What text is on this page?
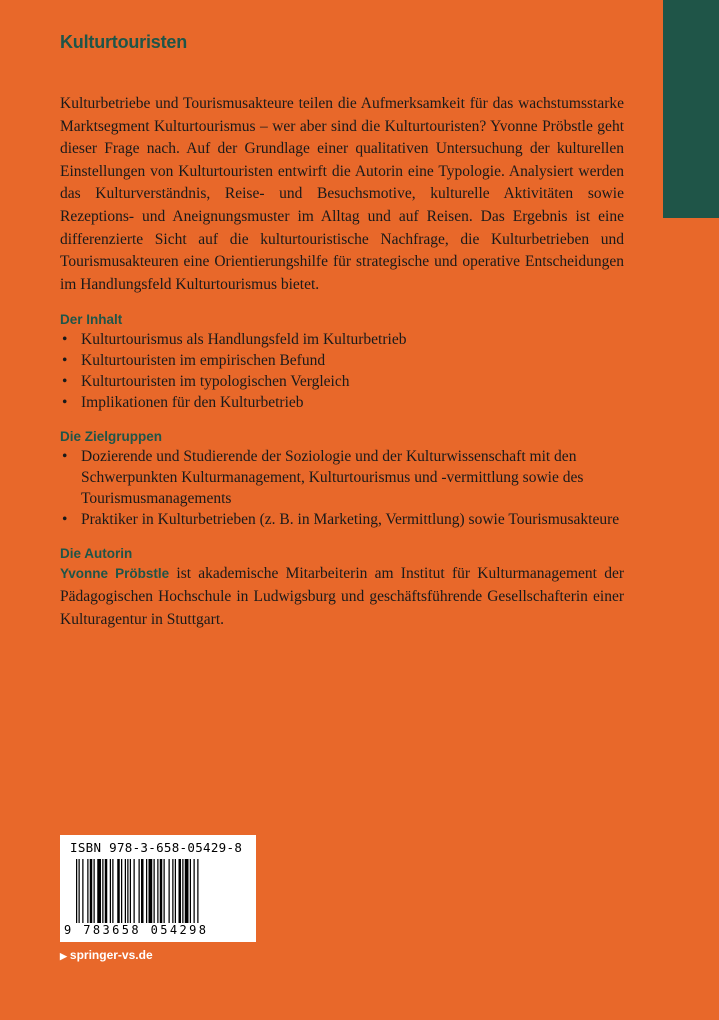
Kulturtouristen

Kulturbetriebe und Tourismusakteure teilen die Aufmerksamkeit für das wachstumsstarke Marktsegment Kulturtourismus – wer aber sind die Kulturtouristen? Yvonne Pröbstle geht dieser Frage nach. Auf der Grundlage einer qualitativen Untersuchung der kulturellen Einstellungen von Kulturtouristen entwirft die Autorin eine Typologie. Analysiert werden das Kulturverständnis, Reise- und Besuchsmotive, kulturelle Aktivitäten sowie Rezeptions- und Aneignungsmuster im Alltag und auf Reisen. Das Ergebnis ist eine differenzierte Sicht auf die kulturtouristische Nachfrage, die Kulturbetrieben und Tourismusakteuren eine Orientierungshilfe für strategische und operative Entscheidungen im Handlungsfeld Kulturtourismus bietet.

Der Inhalt
• Kulturtourismus als Handlungsfeld im Kulturbetrieb
• Kulturtouristen im empirischen Befund
• Kulturtouristen im typologischen Vergleich
• Implikationen für den Kulturbetrieb
Die Zielgruppen
• Dozierende und Studierende der Soziologie und der Kulturwissenschaft mit den Schwerpunkten Kulturmanagement, Kulturtourismus und -vermittlung sowie des Tourismusmanagements
• Praktiker in Kulturbetrieben (z. B. in Marketing, Vermittlung) sowie Tourismusakteure
Die Autorin

Yvonne Pröbstle ist akademische Mitarbeiterin am Institut für Kulturmanagement der Pädagogischen Hochschule in Ludwigsburg und geschäftsführende Gesellschafterin einer Kulturagentur in Stuttgart.

ISBN 978-3-658-05429-8
9 783658 054298
▶ springer-vs.de
